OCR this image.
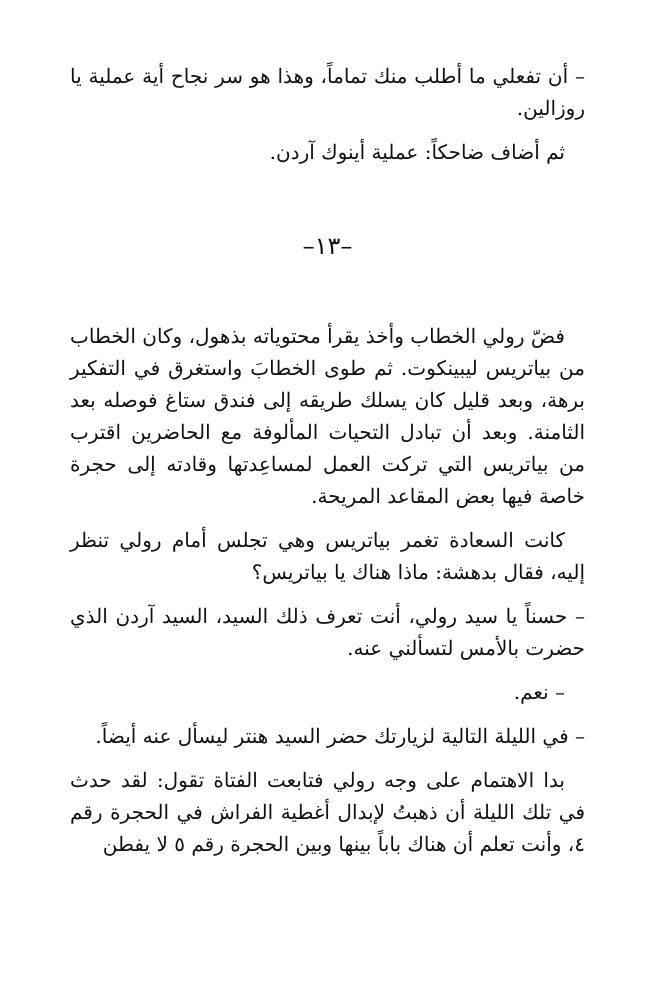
– أن تفعلي ما أطلب منك تماماً، وهذا هو سر نجاح أية عملية يا روزالين.

ثم أضاف ضاحكاً: عملية أينوك آردن.

–١٣–

فضّ رولي الخطاب وأخذ يقرأ محتوياته بذهول، وكان الخطاب من بياتريس ليبينكوت. ثم طوى الخطابَ واستغرق في التفكير برهة، وبعد قليل كان يسلك طريقه إلى فندق ستاغ فوصله بعد الثامنة. وبعد أن تبادل التحيات المألوفة مع الحاضرين اقترب من بياتريس التي تركت العمل لمساعِدتها وقادته إلى حجرة خاصة فيها بعض المقاعد المريحة.

كانت السعادة تغمر بياتريس وهي تجلس أمام رولي تنظر إليه، فقال بدهشة: ماذا هناك يا بياتريس؟

– حسناً يا سيد رولي، أنت تعرف ذلك السيد، السيد آردن الذي حضرت بالأمس لتسألني عنه.

– نعم.

– في الليلة التالية لزيارتك حضر السيد هنتر ليسأل عنه أيضاً.

بدا الاهتمام على وجه رولي فتابعت الفتاة تقول: لقد حدث في تلك الليلة أن ذهبتُ لإبدال أغطية الفراش في الحجرة رقم ٤، وأنت تعلم أن هناك باباً بينها وبين الحجرة رقم ٥ لا يفطن
